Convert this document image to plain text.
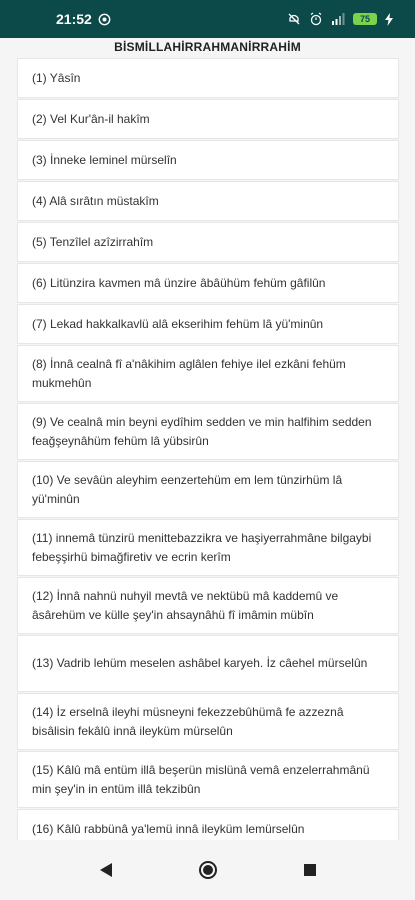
21:52	75
BİSMİLLAHİRRAHMANİRRAHİM
(1) Yâsîn
(2) Vel Kur'ân-il hakîm
(3) İnneke leminel mürselîn
(4) Alâ sırâtın müstakîm
(5) Tenzîlel azîzirrahîm
(6) Litünzira kavmen mâ ünzire âbâühüm fehüm gâfilûn
(7) Lekad hakkalkavlü alâ ekserihim fehüm lâ yü'minûn
(8) İnnâ cealnâ fî a'nâkihim aglâlen fehiye ilel ezkâni fehüm mukmehûn
(9) Ve cealnâ min beyni eydîhim sedden ve min halfihim sedden feağşeynâhüm fehüm lâ yübsirûn
(10) Ve sevâün aleyhim eenzertehüm em lem tünzirhüm lâ yü'minûn
(11) innemâ tünzirü menittebazzikra ve haşiyerrahmâne bilgaybi febeşşirhü bimağfiretiv ve ecrin kerîm
(12) İnnâ nahnü nuhyil mevtâ ve nektübü mâ kaddemû ve âsârehüm ve külle şey'in ahsaynâhü fî imâmin mübîn
(13) Vadrib lehüm meselen ashâbel karyeh. İz câehel mürselûn
(14) İz erselnâ ileyhi müsneyni fekezzebûhümâ fe azzeznâ bisâlisin fekâlû innâ ileyküm mürselûn
(15) Kâlû mâ entüm illâ beşerün mislünâ vemâ enzelerrahmânü min şey'in in entüm illâ tekzibûn
(16) Kâlû rabbünâ ya'lemü innâ ileyküm lemürselûn
